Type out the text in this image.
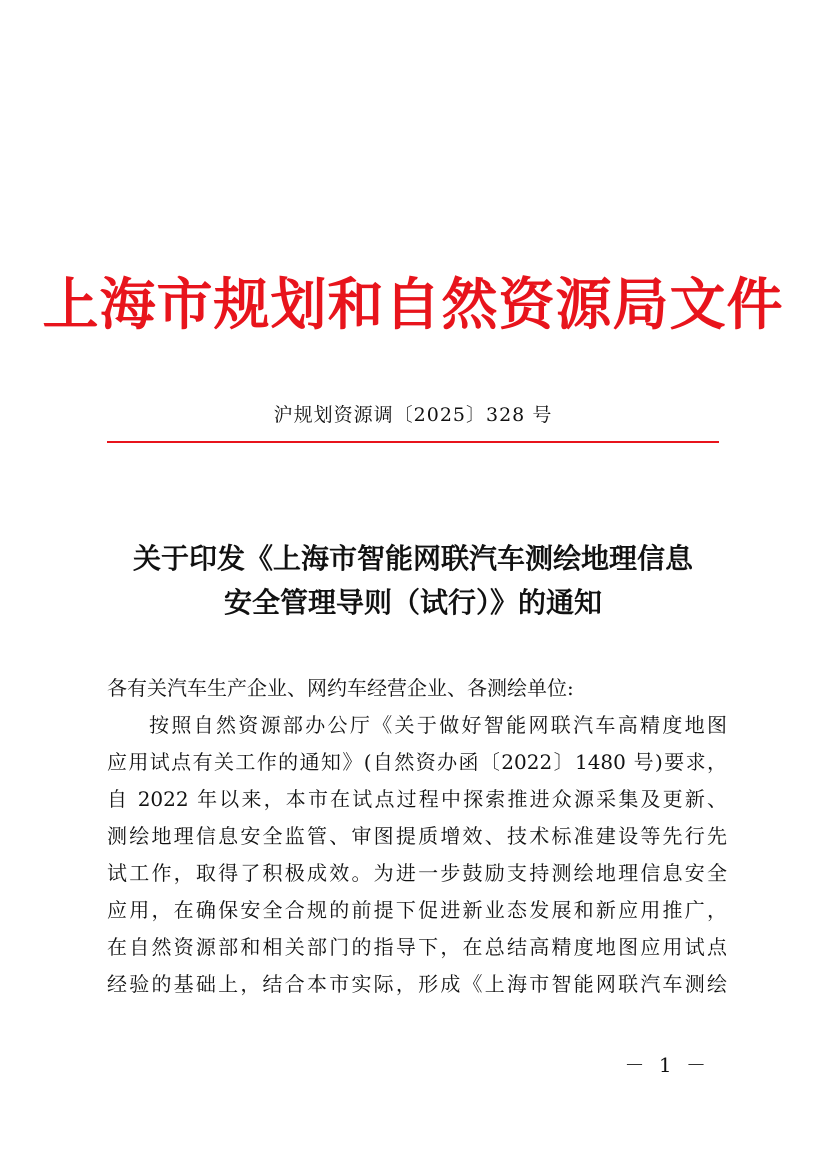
上海市规划和自然资源局文件
沪规划资源调〔2025〕328 号
关于印发《上海市智能网联汽车测绘地理信息
安全管理导则（试行）》的通知
各有关汽车生产企业、网约车经营企业、各测绘单位:
按照自然资源部办公厅《关于做好智能网联汽车高精度地图
应用试点有关工作的通知》(自然资办函〔2022〕1480 号)要求，
自 2022 年以来，本市在试点过程中探索推进众源采集及更新、
测绘地理信息安全监管、审图提质增效、技术标准建设等先行先
试工作，取得了积极成效。为进一步鼓励支持测绘地理信息安全
应用，在确保安全合规的前提下促进新业态发展和新应用推广，
在自然资源部和相关部门的指导下，在总结高精度地图应用试点
经验的基础上，结合本市实际，形成《上海市智能网联汽车测绘
－ 1 －
